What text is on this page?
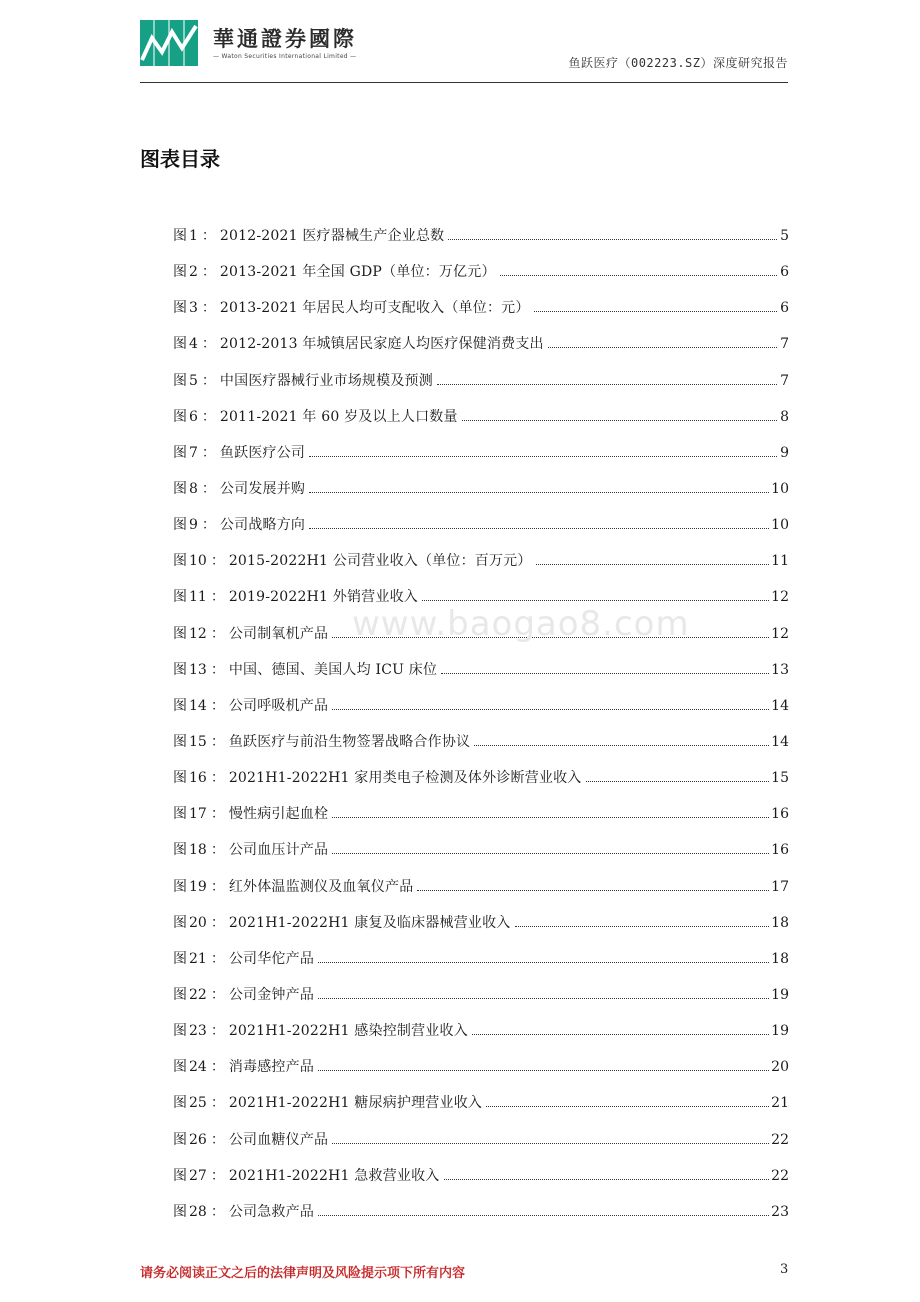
華通證券國際
— Waton Securities International Limited —	鱼跃医疗（002223.SZ）深度研究报告
图表目录
图 1 ： 2012-2021 医疗器械生产企业总数	5
图 2 ： 2013-2021 年全国 GDP（单位：万亿元）	6
图 3 ： 2013-2021 年居民人均可支配收入（单位：元）	6
图 4 ： 2012-2013 年城镇居民家庭人均医疗保健消费支出	7
图 5 ： 中国医疗器械行业市场规模及预测	7
图 6 ： 2011-2021 年 60 岁及以上人口数量	8
图 7 ： 鱼跃医疗公司	9
图 8 ： 公司发展并购	10
图 9 ： 公司战略方向	10
图 10 ： 2015-2022H1 公司营业收入（单位：百万元）	11
图 11 ： 2019-2022H1 外销营业收入	12
图 12 ： 公司制氧机产品	12
图 13 ： 中国、德国、美国人均 ICU 床位	13
图 14 ： 公司呼吸机产品	14
图 15 ： 鱼跃医疗与前沿生物签署战略合作协议	14
图 16 ： 2021H1-2022H1 家用类电子检测及体外诊断营业收入	15
图 17 ： 慢性病引起血栓	16
图 18 ： 公司血压计产品	16
图 19 ： 红外体温监测仪及血氧仪产品	17
图 20 ： 2021H1-2022H1 康复及临床器械营业收入	18
图 21 ： 公司华佗产品	18
图 22 ： 公司金钟产品	19
图 23 ： 2021H1-2022H1 感染控制营业收入	19
图 24 ： 消毒感控产品	20
图 25 ： 2021H1-2022H1 糖尿病护理营业收入	21
图 26 ： 公司血糖仪产品	22
图 27 ： 2021H1-2022H1 急救营业收入	22
图 28 ： 公司急救产品	23
www.baogao8.com
请务必阅读正文之后的法律声明及风险提示项下所有内容	3
